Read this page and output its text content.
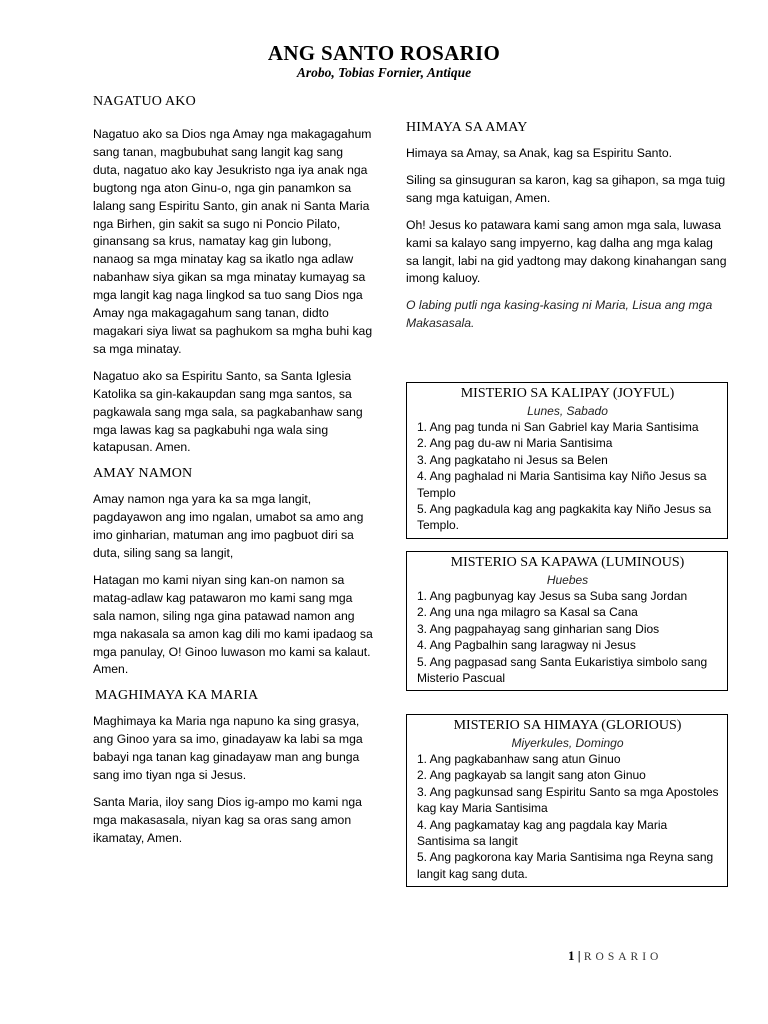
ANG SANTO ROSARIO
Arobo, Tobias Fornier, Antique
NAGATUO AKO

Nagatuo ako sa Dios nga Amay nga makagagahum sang tanan, magbubuhat sang langit kag sang duta, nagatuo ako kay Jesukristo nga iya anak nga bugtong nga aton Ginu-o, nga gin panamkon sa lalang sang Espiritu Santo, gin anak ni Santa Maria nga Birhen, gin sakit sa sugo ni Poncio Pilato, ginansang sa krus, namatay kag gin lubong, nanaog sa mga minatay kag sa ikatlo nga adlaw nabanhaw siya gikan sa mga minatay kumayag sa mga langit kag naga lingkod sa tuo sang Dios nga Amay nga makagagahum sang tanan, didto magakari siya liwat sa paghukom sa mgha buhi kag sa mga minatay.

Nagatuo ako sa Espiritu Santo, sa Santa Iglesia Katolika sa gin-kakaupdan sang mga santos, sa pagkawala sang mga sala, sa pagkabanhaw sang mga lawas kag sa pagkabuhi nga wala sing katapusan. Amen.

AMAY NAMON

Amay namon nga yara ka sa mga langit, pagdayawon ang imo ngalan, umabot sa amo ang imo ginharian, matuman ang imo pagbuot diri sa duta, siling sang sa langit,

Hatagan mo kami niyan sing kan-on namon sa matag-adlaw kag patawaron mo kami sang mga sala namon, siling nga gina patawad namon ang mga nakasala sa amon kag dili mo kami ipadaog sa mga panulay, O! Ginoo luwason mo kami sa kalaut. Amen.

MAGHIMAYA KA MARIA

Maghimaya ka Maria nga napuno ka sing grasya, ang Ginoo yara sa imo, ginadayaw ka labi sa mga babayi nga tanan kag ginadayaw man ang bunga sang imo tiyan nga si Jesus.

Santa Maria, iloy sang Dios ig-ampo mo kami nga mga makasasala, niyan kag sa oras sang amon ikamatay, Amen.

HIMAYA SA AMAY

Himaya sa Amay, sa Anak, kag sa Espiritu Santo.

Siling sa ginsuguran sa karon, kag sa gihapon, sa mga tuig sang mga katuigan, Amen.

Oh! Jesus ko patawara kami sang amon mga sala, luwasa kami sa kalayo sang impyerno, kag dalha ang mga kalag sa langit, labi na gid yadtong may dakong kinahangan sang imong kaluoy.

O labing putli nga kasing-kasing ni Maria, Lisua ang mga Makasasala.

MISTERIO SA KALIPAY (JOYFUL)
Lunes, Sabado
1. Ang pag tunda ni San Gabriel kay Maria Santisima
2. Ang pag du-aw ni Maria Santisima
3. Ang pagkataho ni Jesus sa Belen
4. Ang paghalad ni Maria Santisima kay Niño Jesus sa Templo
5. Ang pagkadula kag ang pagkakita kay Niño Jesus sa Templo.
MISTERIO SA KAPAWA (LUMINOUS)
Huebes
1. Ang pagbunyag kay Jesus sa Suba sang Jordan
2. Ang una nga milagro sa Kasal sa Cana
3. Ang pagpahayag sang ginharian sang Dios
4. Ang Pagbalhin sang laragway ni Jesus
5. Ang pagpasad sang Santa Eukaristiya simbolo sang Misterio Pascual
MISTERIO SA HIMAYA (GLORIOUS)
Miyerkules, Domingo
1. Ang pagkabanhaw sang atun Ginuo
2. Ang pagkayab sa langit sang aton Ginuo
3. Ang pagkunsad sang Espiritu Santo sa mga Apostoles kag kay Maria Santisima
4. Ang pagkamatay kag ang pagdala kay Maria Santisima sa langit
5. Ang pagkorona kay Maria Santisima nga Reyna sang langit kag sang duta.
1 | ROSARIO
